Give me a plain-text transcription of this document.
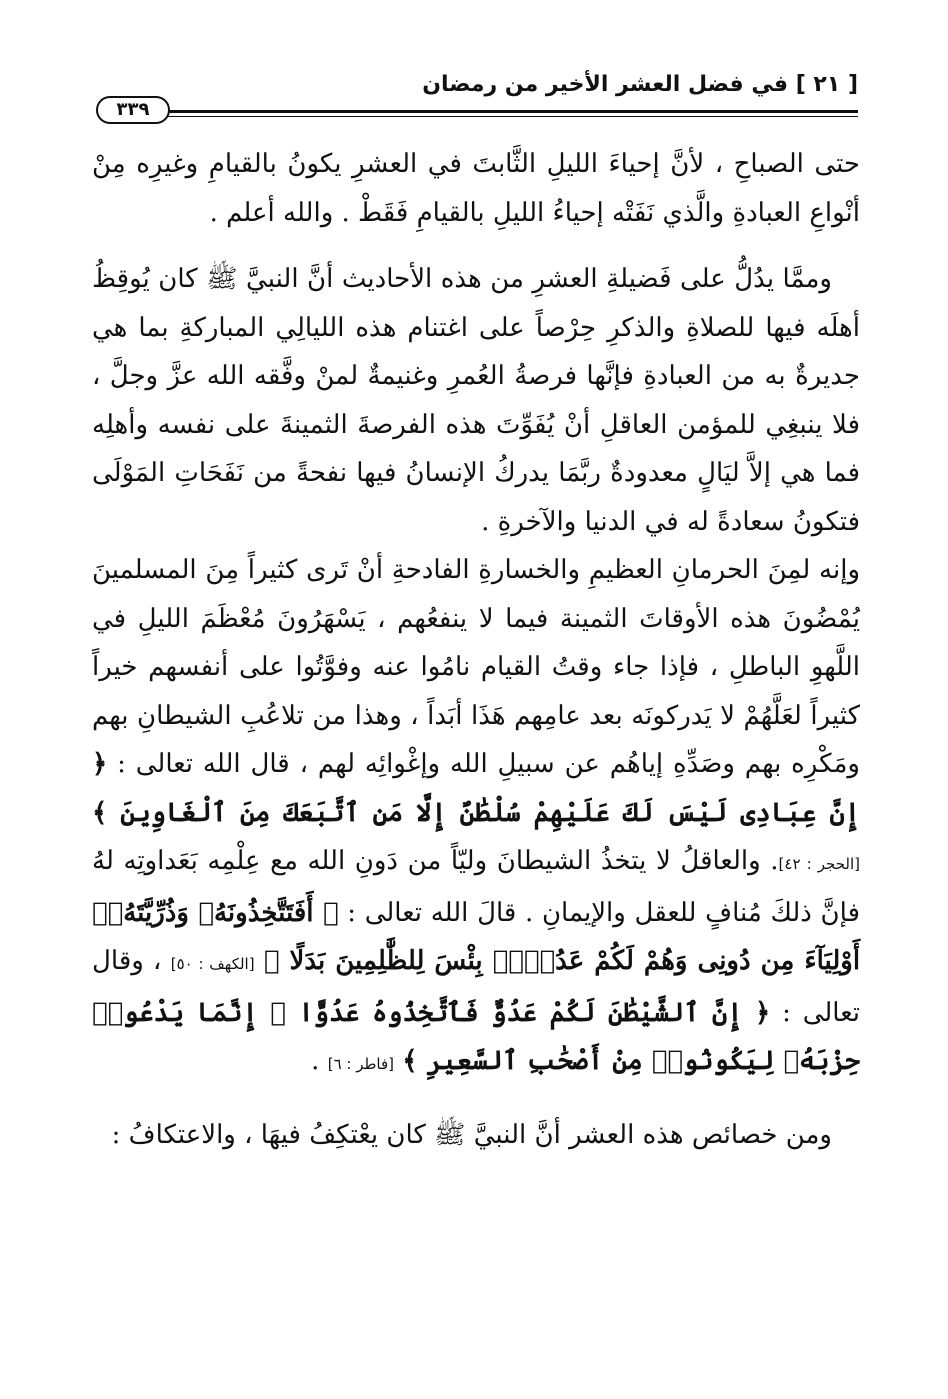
[ ٢١ ] في فضل العشر الأخير من رمضان
٣٣٩

حتى الصباحِ ، لأنَّ إحياءَ الليلِ الثَّابتَ في العشرِ يكونُ بالقيامِ وغيرِه مِنْ أنْواعِ العبادةِ والَّذي نَفَتْه إحياءُ الليلِ بالقيامِ فَقَطْ . والله أعلم .

وممَّا يدُلُّ على فَضيلةِ العشرِ من هذه الأحاديث أنَّ النبيَّ ﷺ كان يُوقِظُ أهلَه فيها للصلاةِ والذكرِ حِرْصاً على اغتنام هذه الليالِي المباركةِ بما هي جديرةٌ به من العبادةِ فإنَّها فرصةُ العُمرِ وغنيمةٌ لمنْ وفَّقه الله عزَّ وجلَّ ، فلا ينبغِي للمؤمن العاقلِ أنْ يُفَوِّتَ هذه الفرصةَ الثمينةَ على نفسه وأهلِه فما هي إلاَّ ليَالٍ معدودةٌ ربَّمَا يدركُ الإنسانُ فيها نفحةً من نَفَحَاتِ المَوْلَى فتكونُ سعادةً له في الدنيا والآخرةِ .

وإنه لمِنَ الحرمانِ العظيمِ والخسارةِ الفادحةِ أنْ تَرى كثيراً مِنَ المسلمينَ يُمْضُونَ هذه الأوقاتَ الثمينة فيما لا ينفعُهم ، يَسْهَرُونَ مُعْظَمَ الليلِ في اللَّهوِ الباطلِ ، فإذا جاء وقتُ القيام نامُوا عنه وفوَّتُوا على أنفسهم خيراً كثيراً لعَلَّهُمْ لا يَدركونَه بعد عامِهم هَذَا أبَداً ، وهذا من تلاعُبِ الشيطانِ بهم ومَكْرِه بهم وصَدِّهِ إياهُم عن سبيلِ الله وإغْوائِه لهم ، قال الله تعالى : ﴿ إِنَّ عِبَادِى لَيْسَ لَكَ عَلَيْهِمْ سُلْطَٰنٌ إِلَّا مَنِ ٱتَّبَعَكَ مِنَ ٱلْغَاوِينَ ﴾ [الحجر : ٤٢]. والعاقلُ لا يتخذُ الشيطانَ وليّاً من دَونِ الله مع عِلْمِه بَعَداوتِه لهُ فإنَّ ذلكَ مُنافٍ للعقل والإيمانِ . قالَ الله تعالى : ﴿ أَفَتَتَّخِذُونَهُۥ وَذُرِّيَّتَهُۥٓ أَوْلِيَآءَ مِن دُونِى وَهُمْ لَكُمْ عَدُوٌّۢ بِئْسَ لِلظَّٰلِمِينَ بَدَلًا ﴾ [الكهف : ٥٠] ، وقال تعالى : ﴿ إِنَّ ٱلشَّيْطَٰنَ لَكُمْ عَدُوٌّ فَٱتَّخِذُوهُ عَدُوًّا ۚ إِنَّمَا يَدْعُوا۟ حِزْبَهُۥ لِيَكُونُوا۟ مِنْ أَصْحَٰبِ ٱلسَّعِيرِ ﴾ [فاطر : ٦] .

ومن خصائص هذه العشر أنَّ النبيَّ ﷺ كان يعْتكِفُ فيهَا ، والاعتكافُ :
